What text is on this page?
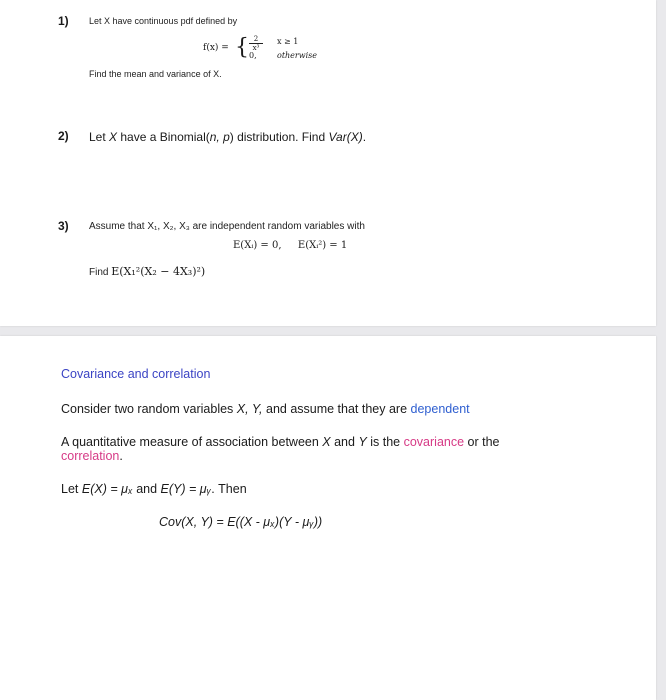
1) Let X have continuous pdf defined by
f(x) = { $\frac{2}{\text{x³}}$ x ≥ 1
0,	otherwise
Find the mean and variance of X.
2) Let X have a Binomial(n, p) distribution. Find Var(X).
3) Assume that X₁, X₂, X₃ are independent random variables with
E(Xᵢ) = 0, E(Xᵢ²) = 1
Find E(X₁²(X₂ − 4X₃)²)
Covariance and correlation
Consider two random variables X, Y, and assume that they are dependent
A quantitative measure of association between X and Y is the covariance or the
correlation.
Let E(X) = μₓ and E(Y) = μᵧ. Then
Cov(X, Y) = E((X - μₓ)(Y - μᵧ))
